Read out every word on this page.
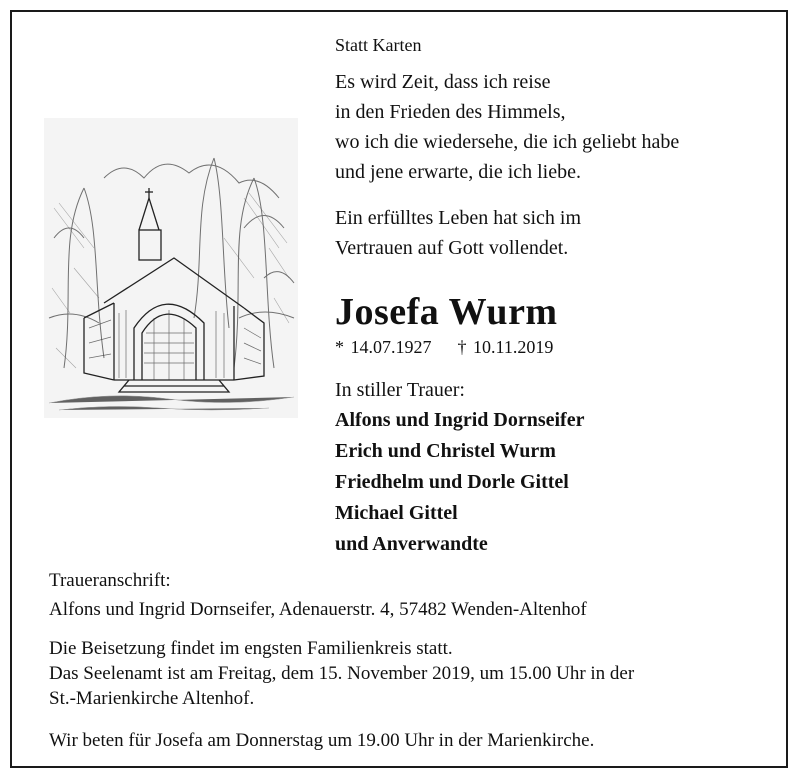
Statt Karten
Es wird Zeit, dass ich reise
in den Frieden des Himmels,
wo ich die wiedersehe, die ich geliebt habe
und jene erwarte, die ich liebe.
Ein erfülltes Leben hat sich im
Vertrauen auf Gott vollendet.
Josefa Wurm
* 14.07.1927 † 10.11.2019
In stiller Trauer:
Alfons und Ingrid Dornseifer
Erich und Christel Wurm
Friedhelm und Dorle Gittel
Michael Gittel
und Anverwandte
Traueranschrift:
Alfons und Ingrid Dornseifer, Adenauerstr. 4, 57482 Wenden-Altenhof
Die Beisetzung findet im engsten Familienkreis statt.
Das Seelenamt ist am Freitag, dem 15. November 2019, um 15.00 Uhr in der
St.-Marienkirche Altenhof.
Wir beten für Josefa am Donnerstag um 19.00 Uhr in der Marienkirche.
